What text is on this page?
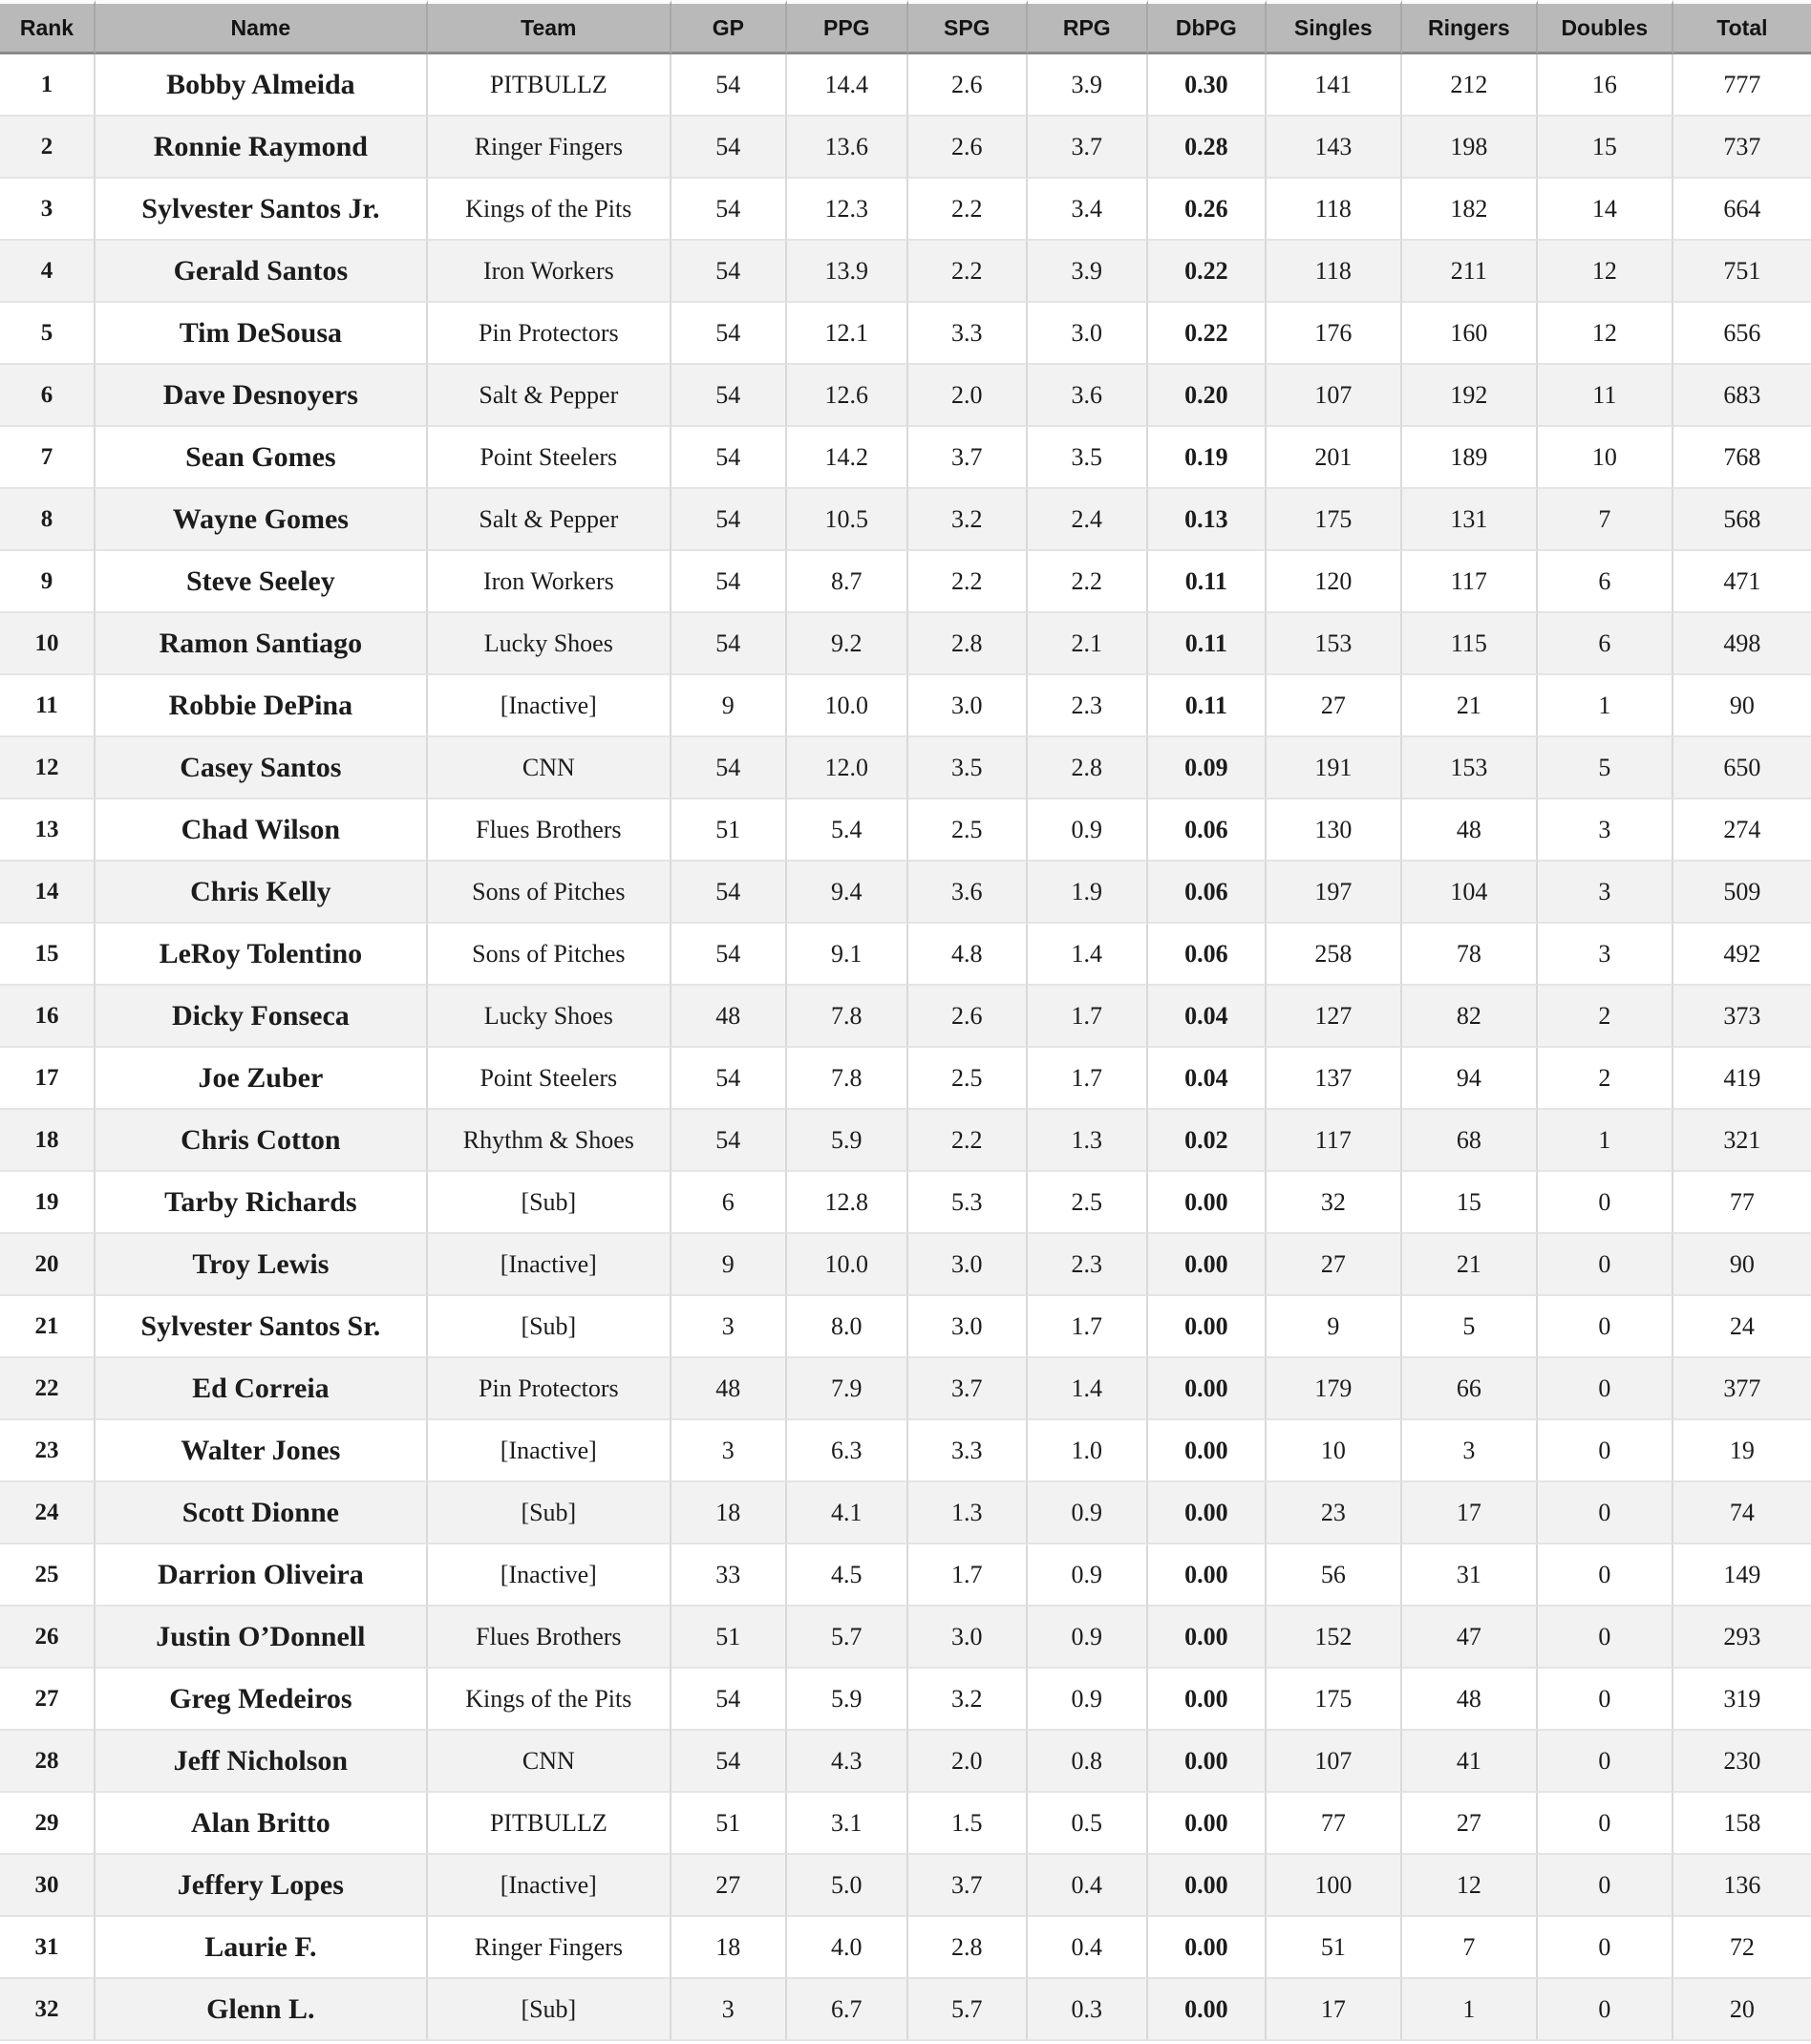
Rank	Name	Team	GP	PPG	SPG	RPG	DbPG	Singles	Ringers	Doubles	Total
1	Bobby Almeida	PITBULLZ	54	14.4	2.6	3.9	0.30	141	212	16	777
2	Ronnie Raymond	Ringer Fingers	54	13.6	2.6	3.7	0.28	143	198	15	737
3	Sylvester Santos Jr.	Kings of the Pits	54	12.3	2.2	3.4	0.26	118	182	14	664
4	Gerald Santos	Iron Workers	54	13.9	2.2	3.9	0.22	118	211	12	751
5	Tim DeSousa	Pin Protectors	54	12.1	3.3	3.0	0.22	176	160	12	656
6	Dave Desnoyers	Salt & Pepper	54	12.6	2.0	3.6	0.20	107	192	11	683
7	Sean Gomes	Point Steelers	54	14.2	3.7	3.5	0.19	201	189	10	768
8	Wayne Gomes	Salt & Pepper	54	10.5	3.2	2.4	0.13	175	131	7	568
9	Steve Seeley	Iron Workers	54	8.7	2.2	2.2	0.11	120	117	6	471
10	Ramon Santiago	Lucky Shoes	54	9.2	2.8	2.1	0.11	153	115	6	498
11	Robbie DePina	[Inactive]	9	10.0	3.0	2.3	0.11	27	21	1	90
12	Casey Santos	CNN	54	12.0	3.5	2.8	0.09	191	153	5	650
13	Chad Wilson	Flues Brothers	51	5.4	2.5	0.9	0.06	130	48	3	274
14	Chris Kelly	Sons of Pitches	54	9.4	3.6	1.9	0.06	197	104	3	509
15	LeRoy Tolentino	Sons of Pitches	54	9.1	4.8	1.4	0.06	258	78	3	492
16	Dicky Fonseca	Lucky Shoes	48	7.8	2.6	1.7	0.04	127	82	2	373
17	Joe Zuber	Point Steelers	54	7.8	2.5	1.7	0.04	137	94	2	419
18	Chris Cotton	Rhythm & Shoes	54	5.9	2.2	1.3	0.02	117	68	1	321
19	Tarby Richards	[Sub]	6	12.8	5.3	2.5	0.00	32	15	0	77
20	Troy Lewis	[Inactive]	9	10.0	3.0	2.3	0.00	27	21	0	90
21	Sylvester Santos Sr.	[Sub]	3	8.0	3.0	1.7	0.00	9	5	0	24
22	Ed Correia	Pin Protectors	48	7.9	3.7	1.4	0.00	179	66	0	377
23	Walter Jones	[Inactive]	3	6.3	3.3	1.0	0.00	10	3	0	19
24	Scott Dionne	[Sub]	18	4.1	1.3	0.9	0.00	23	17	0	74
25	Darrion Oliveira	[Inactive]	33	4.5	1.7	0.9	0.00	56	31	0	149
26	Justin O’Donnell	Flues Brothers	51	5.7	3.0	0.9	0.00	152	47	0	293
27	Greg Medeiros	Kings of the Pits	54	5.9	3.2	0.9	0.00	175	48	0	319
28	Jeff Nicholson	CNN	54	4.3	2.0	0.8	0.00	107	41	0	230
29	Alan Britto	PITBULLZ	51	3.1	1.5	0.5	0.00	77	27	0	158
30	Jeffery Lopes	[Inactive]	27	5.0	3.7	0.4	0.00	100	12	0	136
31	Laurie F.	Ringer Fingers	18	4.0	2.8	0.4	0.00	51	7	0	72
32	Glenn L.	[Sub]	3	6.7	5.7	0.3	0.00	17	1	0	20
